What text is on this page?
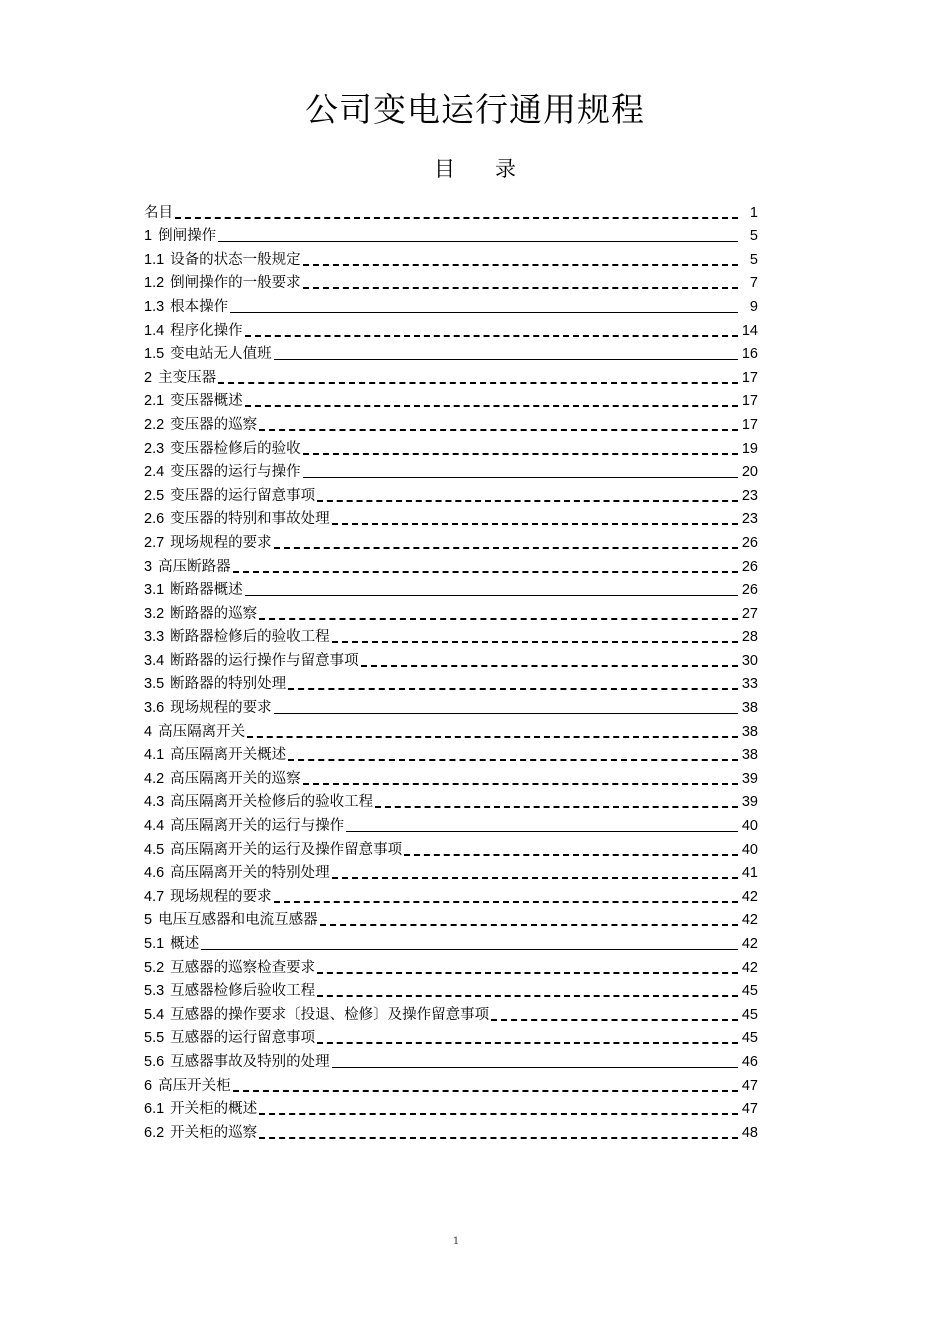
公司变电运行通用规程
目 录
名目	1
1 倒闸操作	5
1.1 设备的状态一般规定	5
1.2 倒闸操作的一般要求	7
1.3 根本操作	9
1.4 程序化操作	14
1.5 变电站无人值班	16
2 主变压器	17
2.1 变压器概述	17
2.2 变压器的巡察	17
2.3 变压器检修后的验收	19
2.4 变压器的运行与操作	20
2.5 变压器的运行留意事项	23
2.6 变压器的特别和事故处理	23
2.7 现场规程的要求	26
3 高压断路器	26
3.1 断路器概述	26
3.2 断路器的巡察	27
3.3 断路器检修后的验收工程	28
3.4 断路器的运行操作与留意事项	30
3.5 断路器的特别处理	33
3.6 现场规程的要求	38
4 高压隔离开关	38
4.1 高压隔离开关概述	38
4.2 高压隔离开关的巡察	39
4.3 高压隔离开关检修后的验收工程	39
4.4 高压隔离开关的运行与操作	40
4.5 高压隔离开关的运行及操作留意事项	40
4.6 高压隔离开关的特别处理	41
4.7 现场规程的要求	42
5 电压互感器和电流互感器	42
5.1 概述	42
5.2 互感器的巡察检查要求	42
5.3 互感器检修后验收工程	45
5.4 互感器的操作要求〔投退、检修〕及操作留意事项	45
5.5 互感器的运行留意事项	45
5.6 互感器事故及特别的处理	46
6 高压开关柜	47
6.1 开关柜的概述	47
6.2 开关柜的巡察	48
1
